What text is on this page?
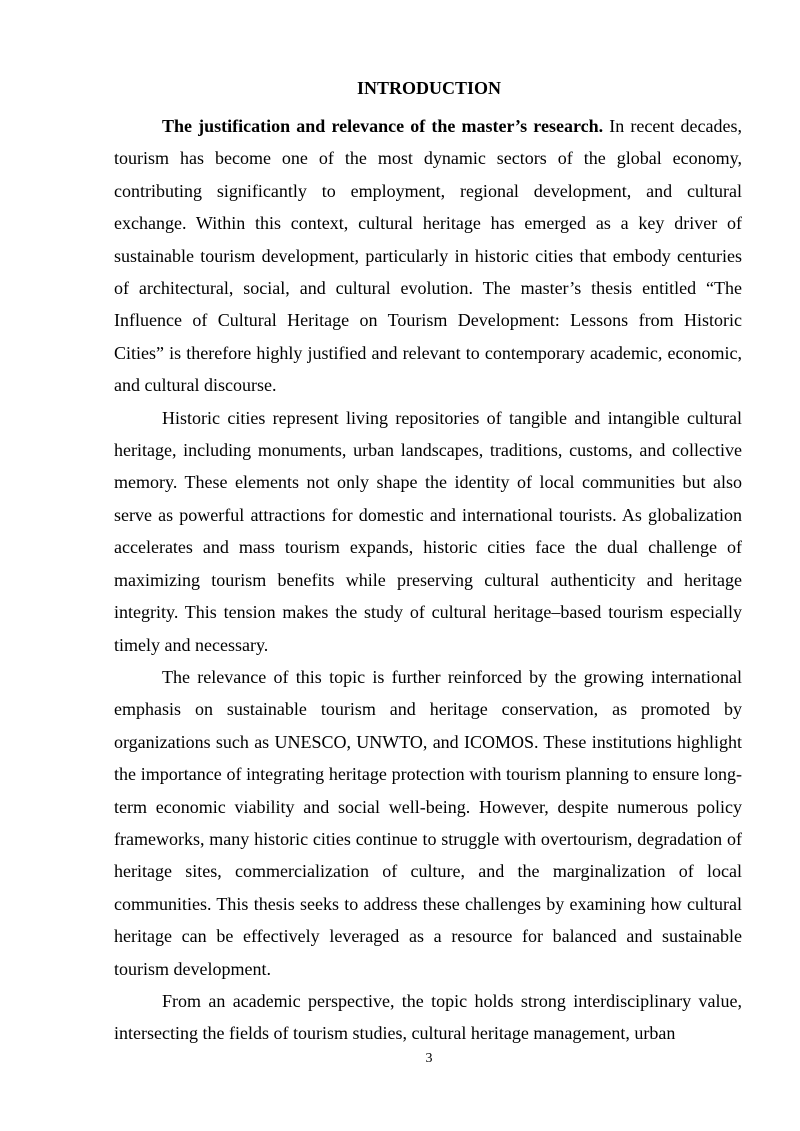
INTRODUCTION

The justification and relevance of the master’s research. In recent decades, tourism has become one of the most dynamic sectors of the global economy, contributing significantly to employment, regional development, and cultural exchange. Within this context, cultural heritage has emerged as a key driver of sustainable tourism development, particularly in historic cities that embody centuries of architectural, social, and cultural evolution. The master’s thesis entitled “The Influence of Cultural Heritage on Tourism Development: Lessons from Historic Cities” is therefore highly justified and relevant to contemporary academic, economic, and cultural discourse.

Historic cities represent living repositories of tangible and intangible cultural heritage, including monuments, urban landscapes, traditions, customs, and collective memory. These elements not only shape the identity of local communities but also serve as powerful attractions for domestic and international tourists. As globalization accelerates and mass tourism expands, historic cities face the dual challenge of maximizing tourism benefits while preserving cultural authenticity and heritage integrity. This tension makes the study of cultural heritage–based tourism especially timely and necessary.

The relevance of this topic is further reinforced by the growing international emphasis on sustainable tourism and heritage conservation, as promoted by organizations such as UNESCO, UNWTO, and ICOMOS. These institutions highlight the importance of integrating heritage protection with tourism planning to ensure long-term economic viability and social well-being. However, despite numerous policy frameworks, many historic cities continue to struggle with overtourism, degradation of heritage sites, commercialization of culture, and the marginalization of local communities. This thesis seeks to address these challenges by examining how cultural heritage can be effectively leveraged as a resource for balanced and sustainable tourism development.

From an academic perspective, the topic holds strong interdisciplinary value, intersecting the fields of tourism studies, cultural heritage management, urban

3
